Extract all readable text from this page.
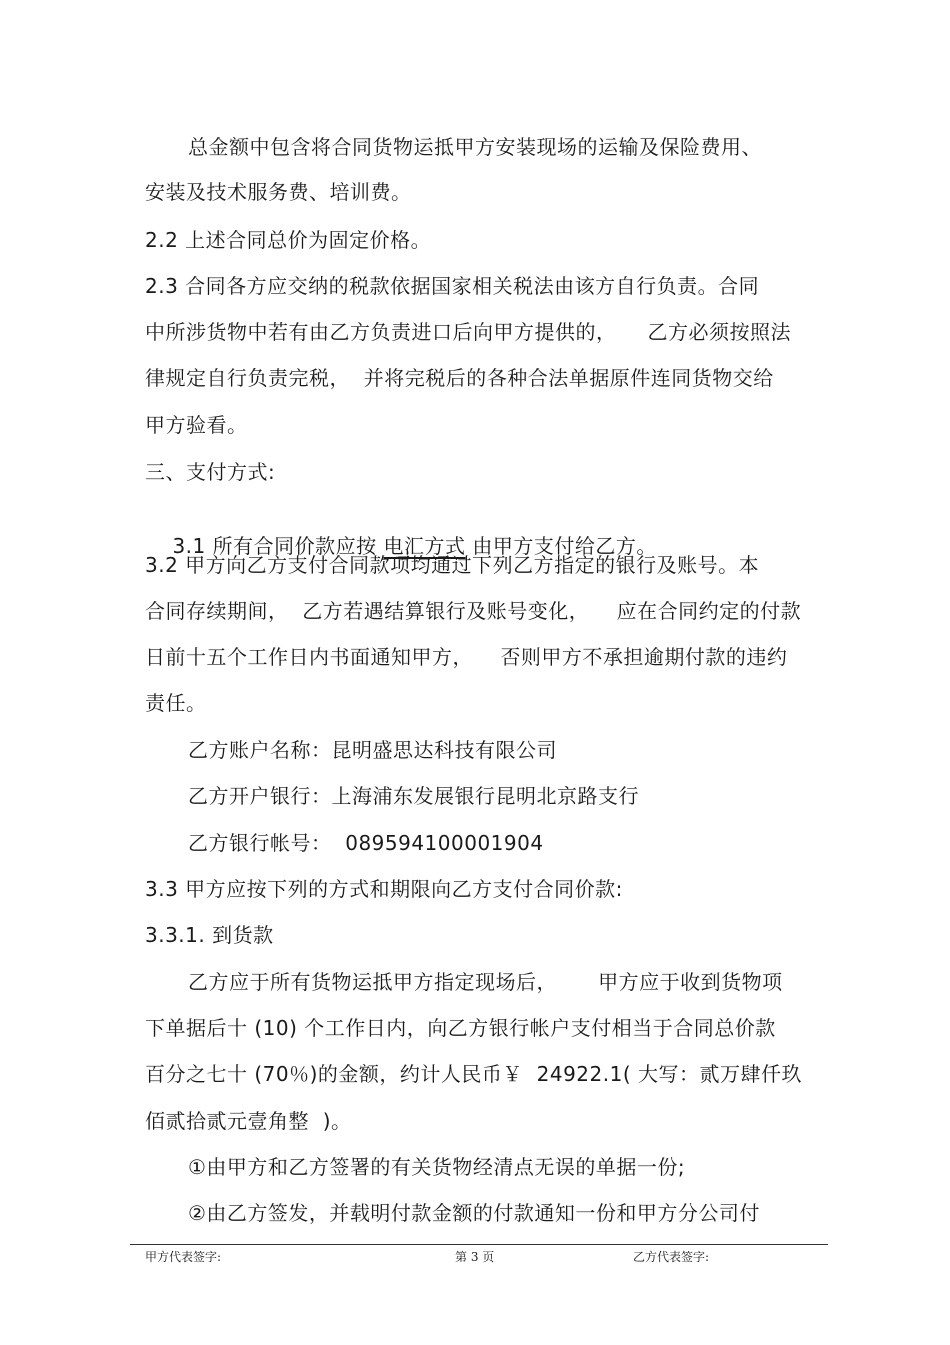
总金额中包含将合同货物运抵甲方安装现场的运输及保险费用、
安装及技术服务费、培训费。
2.2 上述合同总价为固定价格。
2.3 合同各方应交纳的税款依据国家相关税法由该方自行负责。合同
中所涉货物中若有由乙方负责进口后向甲方提供的，　　乙方必须按照法
律规定自行负责完税，  并将完税后的各种合法单据原件连同货物交给
甲方验看。
三、支付方式:

3.1 所有合同价款应按 电汇方式 由甲方支付给乙方。

3.2 甲方向乙方支付合同款项均通过下列乙方指定的银行及账号。本
合同存续期间，  乙方若遇结算银行及账号变化，    应在合同约定的付款
日前十五个工作日内书面通知甲方，    否则甲方不承担逾期付款的违约
责任。
乙方账户名称：昆明盛思达科技有限公司
乙方开户银行：上海浦东发展银行昆明北京路支行
乙方银行帐号：  089594100001904
3.3 甲方应按下列的方式和期限向乙方支付合同价款:
3.3.1. 到货款
乙方应于所有货物运抵甲方指定现场后，      甲方应于收到货物项
下单据后十 (10) 个工作日内，向乙方银行帐户支付相当于合同总价款
百分之七十 (70％)的金额，约计人民币￥  24922.1( 大写：贰万肆仟玖
佰贰拾贰元壹角整  )。
①由甲方和乙方签署的有关货物经清点无误的单据一份;
②由乙方签发，并载明付款金额的付款通知一份和甲方分公司付
甲方代表签字:	第 3 页	乙方代表签字:
